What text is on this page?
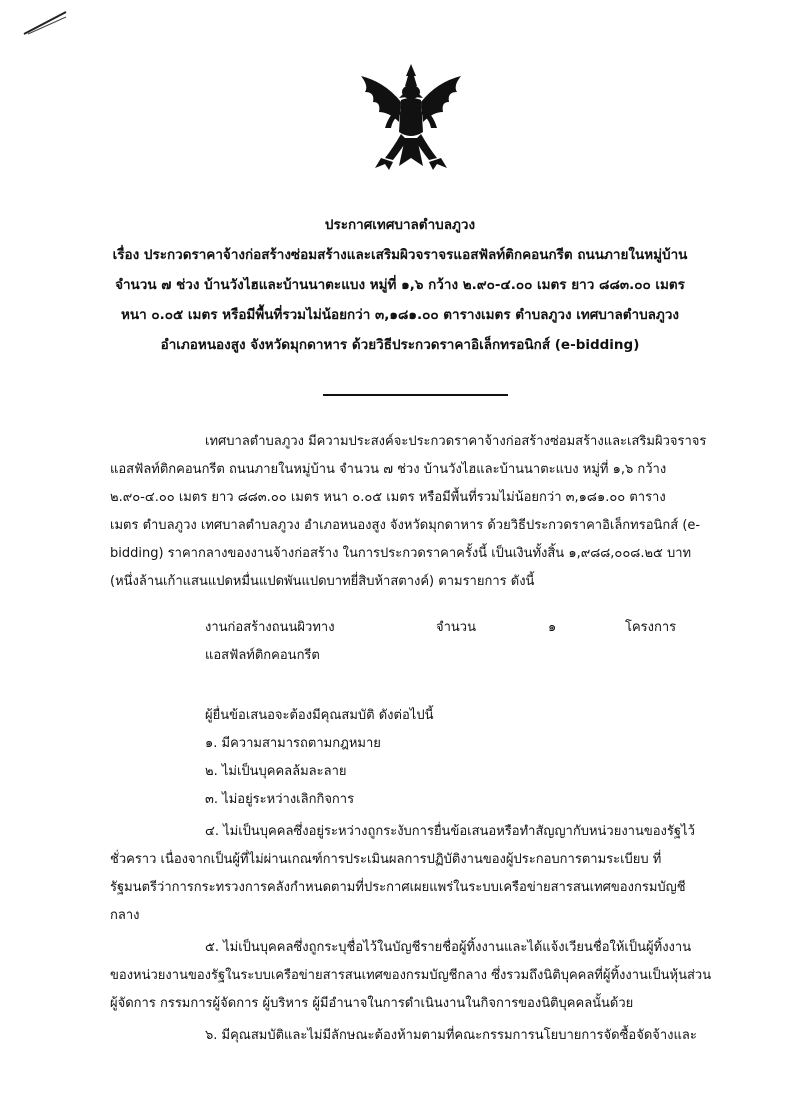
ประกาศเทศบาลตำบลภูวง
เรื่อง ประกวดราคาจ้างก่อสร้างซ่อมสร้างและเสริมผิวจราจรแอสฟัลท์ติกคอนกรีต ถนนภายในหมู่บ้าน
จำนวน ๗ ช่วง บ้านวังไฮและบ้านนาตะแบง หมู่ที่ ๑,๖ กว้าง ๒.๙๐-๔.๐๐ เมตร ยาว ๘๘๓.๐๐ เมตร
หนา ๐.๐๕ เมตร หรือมีพื้นที่รวมไม่น้อยกว่า ๓,๑๘๑.๐๐ ตารางเมตร ตำบลภูวง เทศบาลตำบลภูวง
อำเภอหนองสูง จังหวัดมุกดาหาร ด้วยวิธีประกวดราคาอิเล็กทรอนิกส์ (e-bidding)
เทศบาลตำบลภูวง มีความประสงค์จะประกวดราคาจ้างก่อสร้างซ่อมสร้างและเสริมผิวจราจร
แอสฟัลท์ติกคอนกรีต ถนนภายในหมู่บ้าน จำนวน ๗ ช่วง บ้านวังไฮและบ้านนาตะแบง หมู่ที่ ๑,๖ กว้าง
๒.๙๐-๔.๐๐ เมตร ยาว ๘๘๓.๐๐ เมตร หนา ๐.๐๕ เมตร หรือมีพื้นที่รวมไม่น้อยกว่า ๓,๑๘๑.๐๐ ตาราง
เมตร ตำบลภูวง เทศบาลตำบลภูวง อำเภอหนองสูง จังหวัดมุกดาหาร ด้วยวิธีประกวดราคาอิเล็กทรอนิกส์ (e-
bidding) ราคากลางของงานจ้างก่อสร้าง ในการประกวดราคาครั้งนี้ เป็นเงินทั้งสิ้น ๑,๙๘๘,๐๐๘.๒๕ บาท
(หนึ่งล้านเก้าแสนแปดหมื่นแปดพันแปดบาทยี่สิบห้าสตางค์) ตามรายการ ดังนี้
งานก่อสร้างถนนผิวทาง	จำนวน	๑	โครงการ
แอสฟัลท์ติกคอนกรีต
ผู้ยื่นข้อเสนอจะต้องมีคุณสมบัติ ดังต่อไปนี้
๑. มีความสามารถตามกฎหมาย
๒. ไม่เป็นบุคคลล้มละลาย
๓. ไม่อยู่ระหว่างเลิกกิจการ
๔. ไม่เป็นบุคคลซึ่งอยู่ระหว่างถูกระงับการยื่นข้อเสนอหรือทำสัญญากับหน่วยงานของรัฐไว้
ชั่วคราว เนื่องจากเป็นผู้ที่ไม่ผ่านเกณฑ์การประเมินผลการปฏิบัติงานของผู้ประกอบการตามระเบียบ ที่
รัฐมนตรีว่าการกระทรวงการคลังกำหนดตามที่ประกาศเผยแพร่ในระบบเครือข่ายสารสนเทศของกรมบัญชี
กลาง
๕. ไม่เป็นบุคคลซึ่งถูกระบุชื่อไว้ในบัญชีรายชื่อผู้ทิ้งงานและได้แจ้งเวียนชื่อให้เป็นผู้ทิ้งงาน
ของหน่วยงานของรัฐในระบบเครือข่ายสารสนเทศของกรมบัญชีกลาง ซึ่งรวมถึงนิติบุคคลที่ผู้ทิ้งงานเป็นหุ้นส่วน
ผู้จัดการ กรรมการผู้จัดการ ผู้บริหาร ผู้มีอำนาจในการดำเนินงานในกิจการของนิติบุคคลนั้นด้วย
๖. มีคุณสมบัติและไม่มีลักษณะต้องห้ามตามที่คณะกรรมการนโยบายการจัดซื้อจัดจ้างและ
